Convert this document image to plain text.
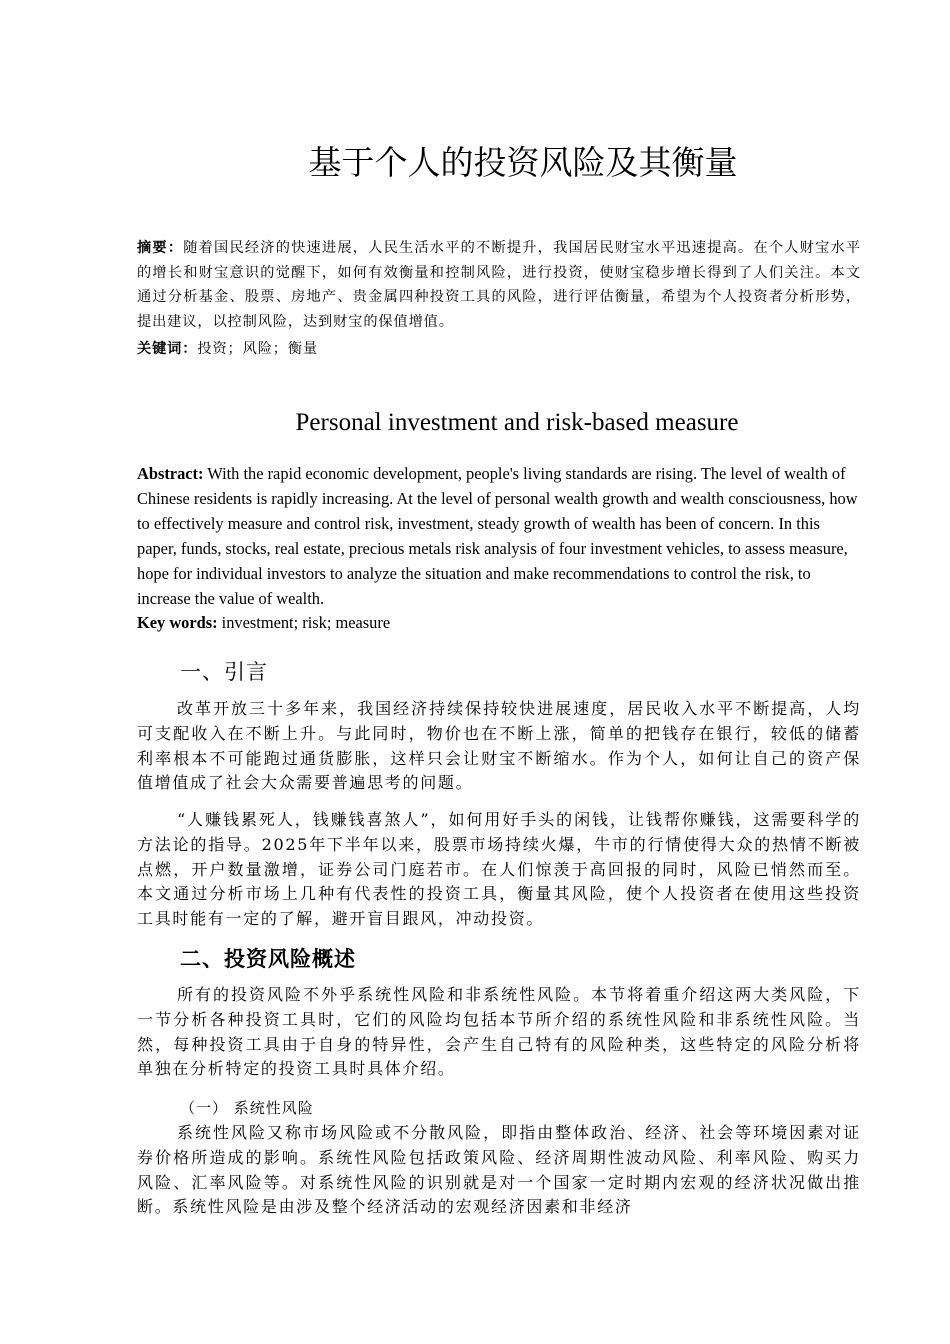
基于个人的投资风险及其衡量
摘要：随着国民经济的快速进展，人民生活水平的不断提升，我国居民财宝水平迅速提高。在个人财宝水平的增长和财宝意识的觉醒下，如何有效衡量和控制风险，进行投资，使财宝稳步增长得到了人们关注。本文通过分析基金、股票、房地产、贵金属四种投资工具的风险，进行评估衡量，希望为个人投资者分析形势，提出建议，以控制风险，达到财宝的保值增值。
关键词：投资；风险；衡量
Personal investment and risk-based measure
Abstract: With the rapid economic development, people's living standards are rising. The level of wealth of Chinese residents is rapidly increasing. At the level of personal wealth growth and wealth consciousness, how to effectively measure and control risk, investment, steady growth of wealth has been of concern. In this paper, funds, stocks, real estate, precious metals risk analysis of four investment vehicles, to assess measure, hope for individual investors to analyze the situation and make recommendations to control the risk, to increase the value of wealth.
Key words: investment; risk; measure
一、引言
改革开放三十多年来，我国经济持续保持较快进展速度，居民收入水平不断提高，人均可支配收入在不断上升。与此同时，物价也在不断上涨，简单的把钱存在银行，较低的储蓄利率根本不可能跑过通货膨胀，这样只会让财宝不断缩水。作为个人，如何让自己的资产保值增值成了社会大众需要普遍思考的问题。
“人赚钱累死人，钱赚钱喜煞人”，如何用好手头的闲钱，让钱帮你赚钱，这需要科学的方法论的指导。2025年下半年以来，股票市场持续火爆，牛市的行情使得大众的热情不断被点燃，开户数量激增，证券公司门庭若市。在人们惊羡于高回报的同时，风险已悄然而至。本文通过分析市场上几种有代表性的投资工具，衡量其风险，使个人投资者在使用这些投资工具时能有一定的了解，避开盲目跟风，冲动投资。
二、投资风险概述
所有的投资风险不外乎系统性风险和非系统性风险。本节将着重介绍这两大类风险，下一节分析各种投资工具时，它们的风险均包括本节所介绍的系统性风险和非系统性风险。当然，每种投资工具由于自身的特异性，会产生自己特有的风险种类，这些特定的风险分析将单独在分析特定的投资工具时具体介绍。
（一） 系统性风险
系统性风险又称市场风险或不分散风险，即指由整体政治、经济、社会等环境因素对证券价格所造成的影响。系统性风险包括政策风险、经济周期性波动风险、利率风险、购买力风险、汇率风险等。对系统性风险的识别就是对一个国家一定时期内宏观的经济状况做出推断。系统性风险是由涉及整个经济活动的宏观经济因素和非经济
